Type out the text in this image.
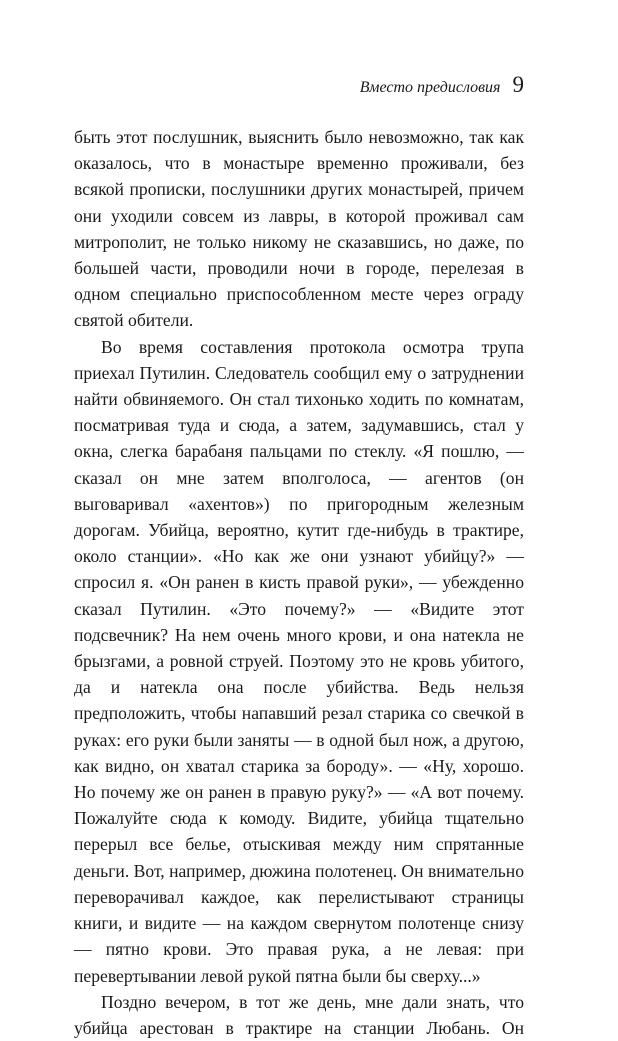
Вместо предисловия 9

быть этот послушник, выяснить было невозможно, так как оказалось, что в монастыре временно проживали, без всякой прописки, послушники других монастырей, причем они уходили совсем из лавры, в которой проживал сам митрополит, не только никому не сказавшись, но даже, по большей части, проводили ночи в городе, перелезая в одном специально приспособленном месте через ограду святой обители.

Во время составления протокола осмотра трупа приехал Путилин. Следователь сообщил ему о затруднении найти обвиняемого. Он стал тихонько ходить по комнатам, посматривая туда и сюда, а затем, задумавшись, стал у окна, слегка барабаня пальцами по стеклу. «Я пошлю, — сказал он мне затем вполголоса, — агентов (он выговаривал «ахентов») по пригородным железным дорогам. Убийца, вероятно, кутит где-нибудь в трактире, около станции». «Но как же они узнают убийцу?» — спросил я. «Он ранен в кисть правой руки», — убежденно сказал Путилин. «Это почему?» — «Видите этот подсвечник? На нем очень много крови, и она натекла не брызгами, а ровной струей. Поэтому это не кровь убитого, да и натекла она после убийства. Ведь нельзя предположить, чтобы напавший резал старика со свечкой в руках: его руки были заняты — в одной был нож, а другою, как видно, он хватал старика за бороду». — «Ну, хорошо. Но почему же он ранен в правую руку?» — «А вот почему. Пожалуйте сюда к комоду. Видите, убийца тщательно перерыл все белье, отыскивая между ним спрятанные деньги. Вот, например, дюжина полотенец. Он внимательно переворачивал каждое, как перелистывают страницы книги, и видите — на каждом свернутом полотенце снизу — пятно крови. Это правая рука, а не левая: при перевертывании левой рукой пятна были бы сверху...»

Поздно вечером, в тот же день, мне дали знать, что убийца арестован в трактире на станции Любань. Он
